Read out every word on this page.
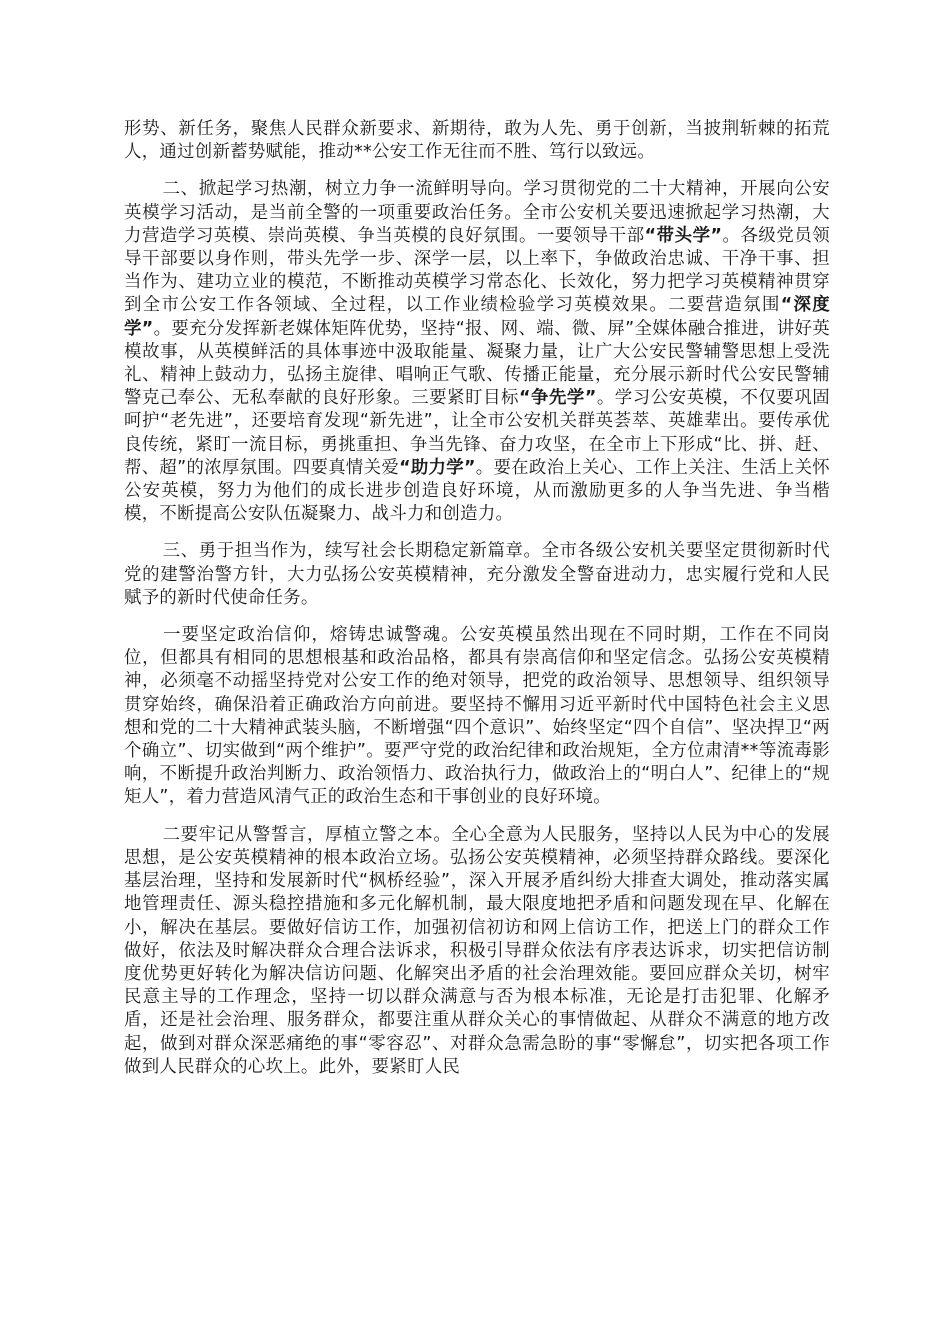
形势、新任务，聚焦人民群众新要求、新期待，敢为人先、勇于创新，当披荆斩棘的拓荒人，通过创新蓄势赋能，推动**公安工作无往而不胜、笃行以致远。

二、掀起学习热潮，树立力争一流鲜明导向。学习贯彻党的二十大精神，开展向公安英模学习活动，是当前全警的一项重要政治任务。全市公安机关要迅速掀起学习热潮，大力营造学习英模、崇尚英模、争当英模的良好氛围。一要领导干部“带头学”。各级党员领导干部要以身作则，带头先学一步、深学一层，以上率下，争做政治忠诚、干净干事、担当作为、建功立业的模范，不断推动英模学习常态化、长效化，努力把学习英模精神贯穿到全市公安工作各领域、全过程，以工作业绩检验学习英模效果。二要营造氛围“深度学”。要充分发挥新老媒体矩阵优势，坚持“报、网、端、微、屏”全媒体融合推进，讲好英模故事，从英模鲜活的具体事迹中汲取能量、凝聚力量，让广大公安民警辅警思想上受洗礼、精神上鼓动力，弘扬主旋律、唱响正气歌、传播正能量，充分展示新时代公安民警辅警克己奉公、无私奉献的良好形象。三要紧盯目标“争先学”。学习公安英模，不仅要巩固呵护“老先进”，还要培育发现“新先进”，让全市公安机关群英荟萃、英雄辈出。要传承优良传统，紧盯一流目标，勇挑重担、争当先锋、奋力攻坚，在全市上下形成“比、拼、赶、帮、超”的浓厚氛围。四要真情关爱“助力学”。要在政治上关心、工作上关注、生活上关怀公安英模，努力为他们的成长进步创造良好环境，从而激励更多的人争当先进、争当楷模，不断提高公安队伍凝聚力、战斗力和创造力。

三、勇于担当作为，续写社会长期稳定新篇章。全市各级公安机关要坚定贯彻新时代党的建警治警方针，大力弘扬公安英模精神，充分激发全警奋进动力，忠实履行党和人民赋予的新时代使命任务。

一要坚定政治信仰，熔铸忠诚警魂。公安英模虽然出现在不同时期，工作在不同岗位，但都具有相同的思想根基和政治品格，都具有崇高信仰和坚定信念。弘扬公安英模精神，必须毫不动摇坚持党对公安工作的绝对领导，把党的政治领导、思想领导、组织领导贯穿始终，确保沿着正确政治方向前进。要坚持不懈用习近平新时代中国特色社会主义思想和党的二十大精神武装头脑，不断增强“四个意识”、始终坚定“四个自信”、坚决捍卫“两个确立”、切实做到“两个维护”。要严守党的政治纪律和政治规矩，全方位肃清**等流毒影响，不断提升政治判断力、政治领悟力、政治执行力，做政治上的“明白人”、纪律上的“规矩人”，着力营造风清气正的政治生态和干事创业的良好环境。

二要牢记从警誓言，厚植立警之本。全心全意为人民服务，坚持以人民为中心的发展思想，是公安英模精神的根本政治立场。弘扬公安英模精神，必须坚持群众路线。要深化基层治理，坚持和发展新时代“枫桥经验”，深入开展矛盾纠纷大排查大调处，推动落实属地管理责任、源头稳控措施和多元化解机制，最大限度地把矛盾和问题发现在早、化解在小，解决在基层。要做好信访工作，加强初信初访和网上信访工作，把送上门的群众工作做好，依法及时解决群众合理合法诉求，积极引导群众依法有序表达诉求，切实把信访制度优势更好转化为解决信访问题、化解突出矛盾的社会治理效能。要回应群众关切，树牢民意主导的工作理念，坚持一切以群众满意与否为根本标准，无论是打击犯罪、化解矛盾，还是社会治理、服务群众，都要注重从群众关心的事情做起、从群众不满意的地方改起，做到对群众深恶痛绝的事“零容忍”、对群众急需急盼的事“零懈怠”，切实把各项工作做到人民群众的心坎上。此外，要紧盯人民
